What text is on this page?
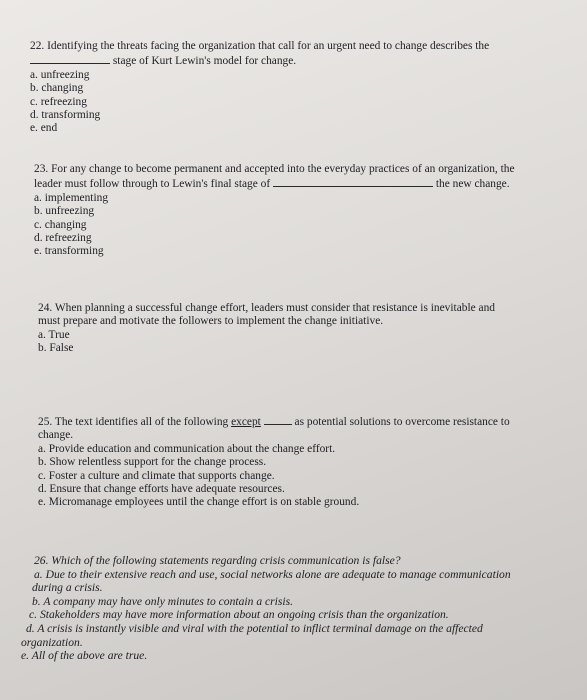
22. Identifying the threats facing the organization that call for an urgent need to change describes the
stage of Kurt Lewin's model for change.

a. unfreezing
b. changing
c. refreezing
d. transforming
e. end

23. For any change to become permanent and accepted into the everyday practices of an organization, the
leader must follow through to Lewin's final stage of	the new change.

a. implementing
b. unfreezing
c. changing
d. refreezing
e. transforming

24. When planning a successful change effort, leaders must consider that resistance is inevitable and
must prepare and motivate the followers to implement the change initiative.

a. True
b. False

25. The text identifies all of the following except	as potential solutions to overcome resistance to
change.

a. Provide education and communication about the change effort.
b. Show relentless support for the change process.
c. Foster a culture and climate that supports change.
d. Ensure that change efforts have adequate resources.
e. Micromanage employees until the change effort is on stable ground.

26. Which of the following statements regarding crisis communication is false?

a. Due to their extensive reach and use, social networks alone are adequate to manage communication
during a crisis.
b. A company may have only minutes to contain a crisis.
c. Stakeholders may have more information about an ongoing crisis than the organization.
d. A crisis is instantly visible and viral with the potential to inflict terminal damage on the affected
organization.
e. All of the above are true.
